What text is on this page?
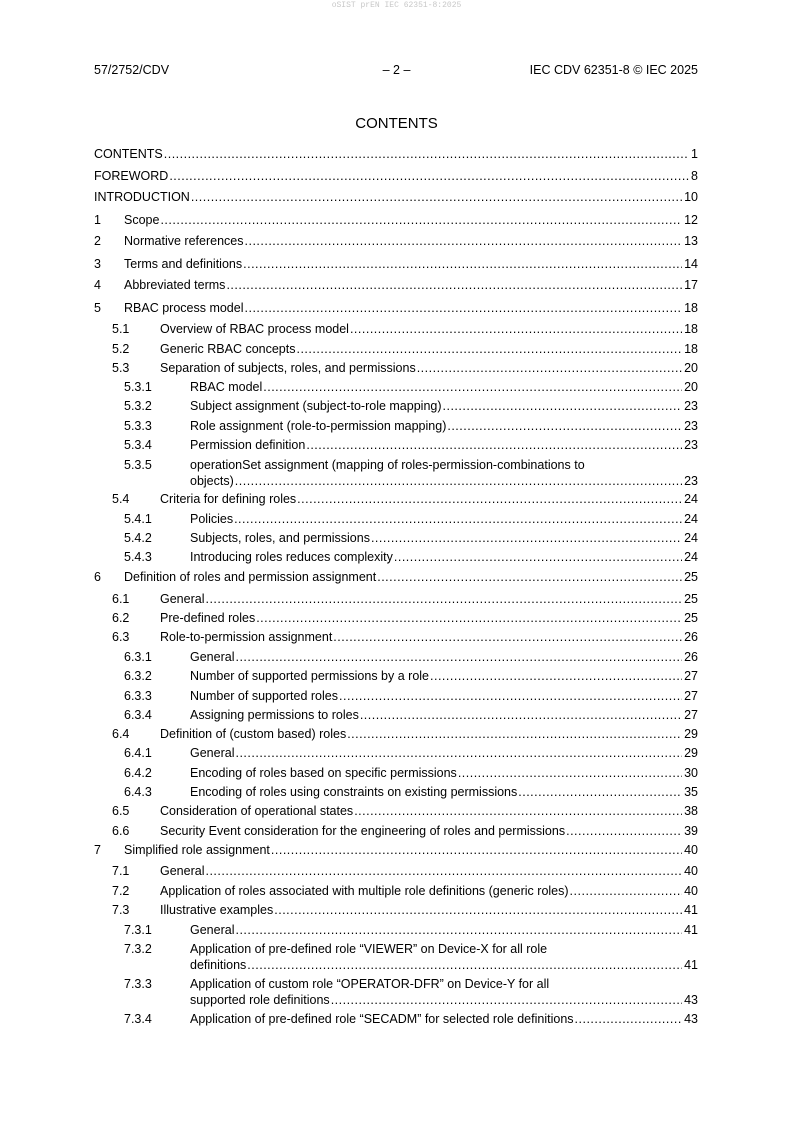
oSIST prEN IEC 62351-8:2025
57/2752/CDV	– 2 –	IEC CDV 62351-8 © IEC 2025
CONTENTS
CONTENTS .....	1
FOREWORD .....	8
INTRODUCTION .....	10
1 Scope .....	12
2 Normative references .....	13
3 Terms and definitions .....	14
4 Abbreviated terms .....	17
5 RBAC process model .....	18
5.1 Overview of RBAC process model .....	18
5.2 Generic RBAC concepts .....	18
5.3 Separation of subjects, roles, and permissions .....	20
5.3.1	RBAC model .....	20
5.3.2	Subject assignment (subject-to-role mapping) .....	23
5.3.3	Role assignment (role-to-permission mapping) .....	23
5.3.4	Permission definition .....	23
5.3.5	operationSet assignment (mapping of roles-permission-combinations to
objects) .....	23
5.4 Criteria for defining roles .....	24
5.4.1	Policies .....	24
5.4.2	Subjects, roles, and permissions .....	24
5.4.3	Introducing roles reduces complexity .....	24
6 Definition of roles and permission assignment .....	25
6.1 General .....	25
6.2 Pre-defined roles .....	25
6.3 Role-to-permission assignment .....	26
6.3.1	General .....	26
6.3.2	Number of supported permissions by a role .....	27
6.3.3	Number of supported roles .....	27
6.3.4	Assigning permissions to roles .....	27
6.4 Definition of (custom based) roles .....	29
6.4.1	General .....	29
6.4.2	Encoding of roles based on specific permissions .....	30
6.4.3	Encoding of roles using constraints on existing permissions .....	35
6.5 Consideration of operational states .....	38
6.6 Security Event consideration for the engineering of roles and permissions .....	39
7 Simplified role assignment .....	40
7.1 General .....	40
7.2 Application of roles associated with multiple role definitions (generic roles) .....	40
7.3 Illustrative examples .....	41
7.3.1	General .....	41
7.3.2	Application of pre-defined role “VIEWER” on Device-X for all role
definitions .....	41
7.3.3	Application of custom role “OPERATOR-DFR” on Device-Y for all
supported role definitions .....	43
7.3.4	Application of pre-defined role “SECADM” for selected role definitions .....	43
